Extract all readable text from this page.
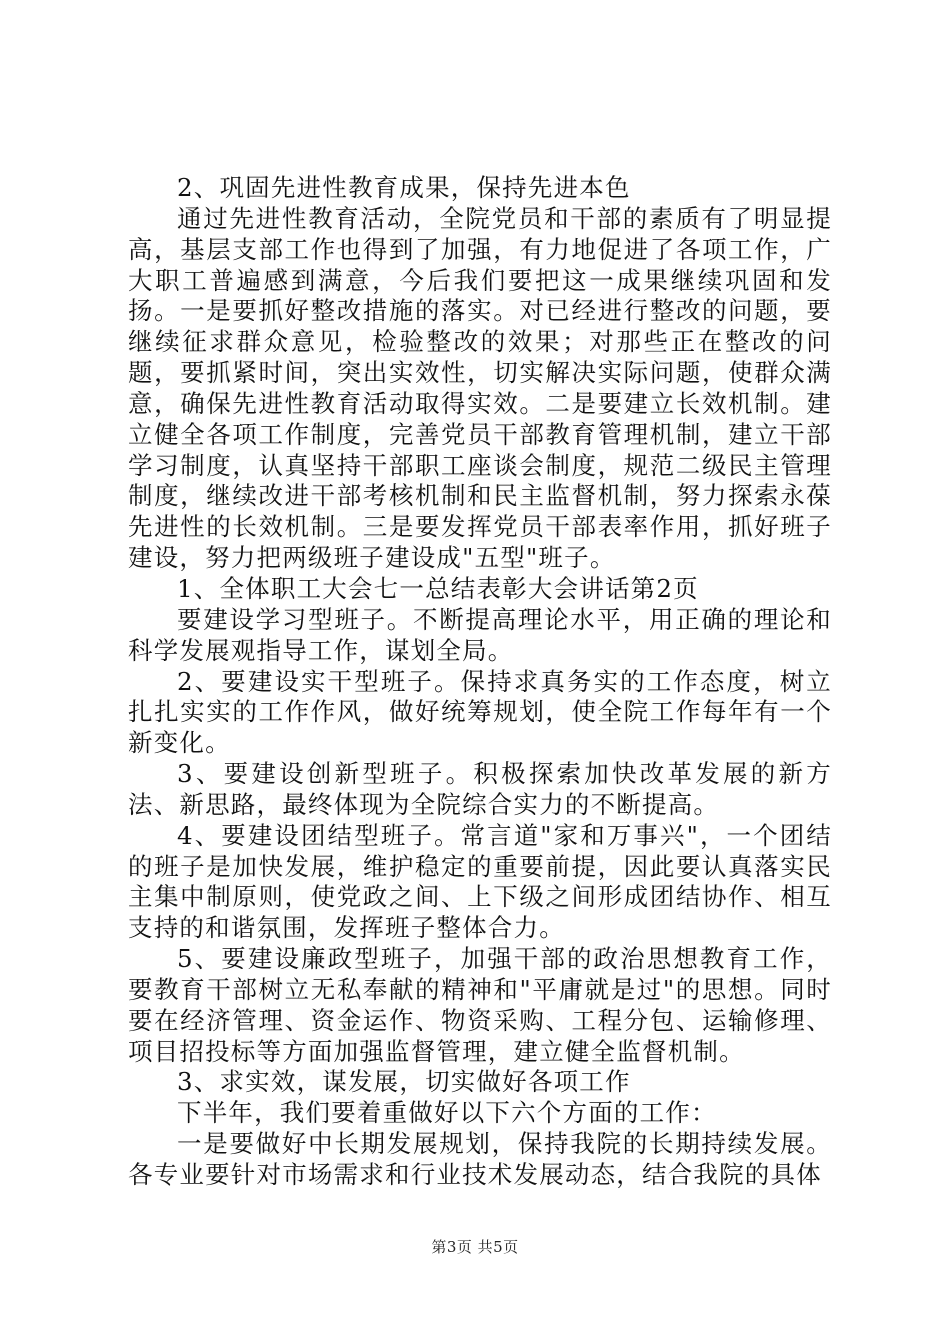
2、巩固先进性教育成果，保持先进本色

通过先进性教育活动，全院党员和干部的素质有了明显提高，基层支部工作也得到了加强，有力地促进了各项工作，广大职工普遍感到满意，今后我们要把这一成果继续巩固和发扬。一是要抓好整改措施的落实。对已经进行整改的问题，要继续征求群众意见，检验整改的效果；对那些正在整改的问题，要抓紧时间，突出实效性，切实解决实际问题，使群众满意，确保先进性教育活动取得实效。二是要建立长效机制。建立健全各项工作制度，完善党员干部教育管理机制，建立干部学习制度，认真坚持干部职工座谈会制度，规范二级民主管理制度，继续改进干部考核机制和民主监督机制，努力探索永葆先进性的长效机制。三是要发挥党员干部表率作用，抓好班子建设，努力把两级班子建设成"五型"班子。

1、全体职工大会七一总结表彰大会讲话第2页

要建设学习型班子。不断提高理论水平，用正确的理论和科学发展观指导工作，谋划全局。

2、要建设实干型班子。保持求真务实的工作态度，树立扎扎实实的工作作风，做好统筹规划，使全院工作每年有一个新变化。

3、要建设创新型班子。积极探索加快改革发展的新方法、新思路，最终体现为全院综合实力的不断提高。

4、要建设团结型班子。常言道"家和万事兴"，一个团结的班子是加快发展，维护稳定的重要前提，因此要认真落实民主集中制原则，使党政之间、上下级之间形成团结协作、相互支持的和谐氛围，发挥班子整体合力。

5、要建设廉政型班子，加强干部的政治思想教育工作，要教育干部树立无私奉献的精神和"平庸就是过"的思想。同时要在经济管理、资金运作、物资采购、工程分包、运输修理、项目招投标等方面加强监督管理，建立健全监督机制。

3、求实效，谋发展，切实做好各项工作

下半年，我们要着重做好以下六个方面的工作：

一是要做好中长期发展规划，保持我院的长期持续发展。各专业要针对市场需求和行业技术发展动态，结合我院的具体

第3页 共5页
